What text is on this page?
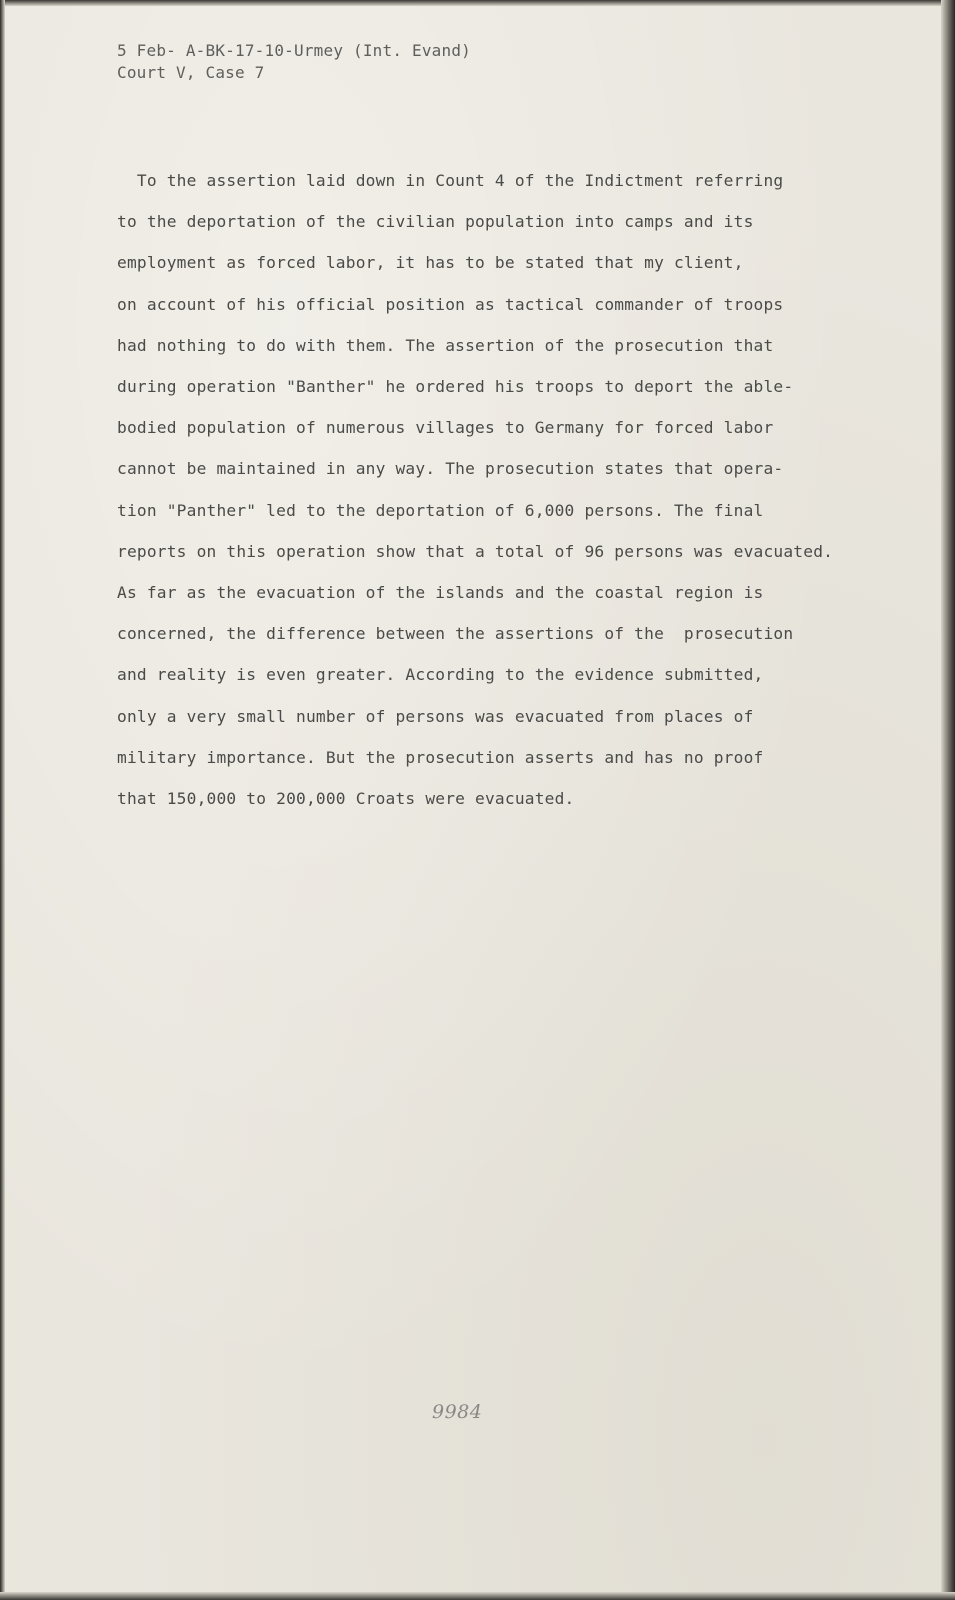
5 Feb- A-BK-17-10-Urmey (Int. Evand)
Court V, Case 7
To the assertion laid down in Count 4 of the Indictment referring
to the deportation of the civilian population into camps and its
employment as forced labor, it has to be stated that my client,
on account of his official position as tactical commander of troops
had nothing to do with them. The assertion of the prosecution that
during operation "Banther" he ordered his troops to deport the able-
bodied population of numerous villages to Germany for forced labor
cannot be maintained in any way. The prosecution states that opera-
tion "Panther" led to the deportation of 6,000 persons. The final
reports on this operation show that a total of 96 persons was evacuated.
As far as the evacuation of the islands and the coastal region is
concerned, the difference between the assertions of the  prosecution
and reality is even greater. According to the evidence submitted,
only a very small number of persons was evacuated from places of
military importance. But the prosecution asserts and has no proof
that 150,000 to 200,000 Croats were evacuated.
9984
